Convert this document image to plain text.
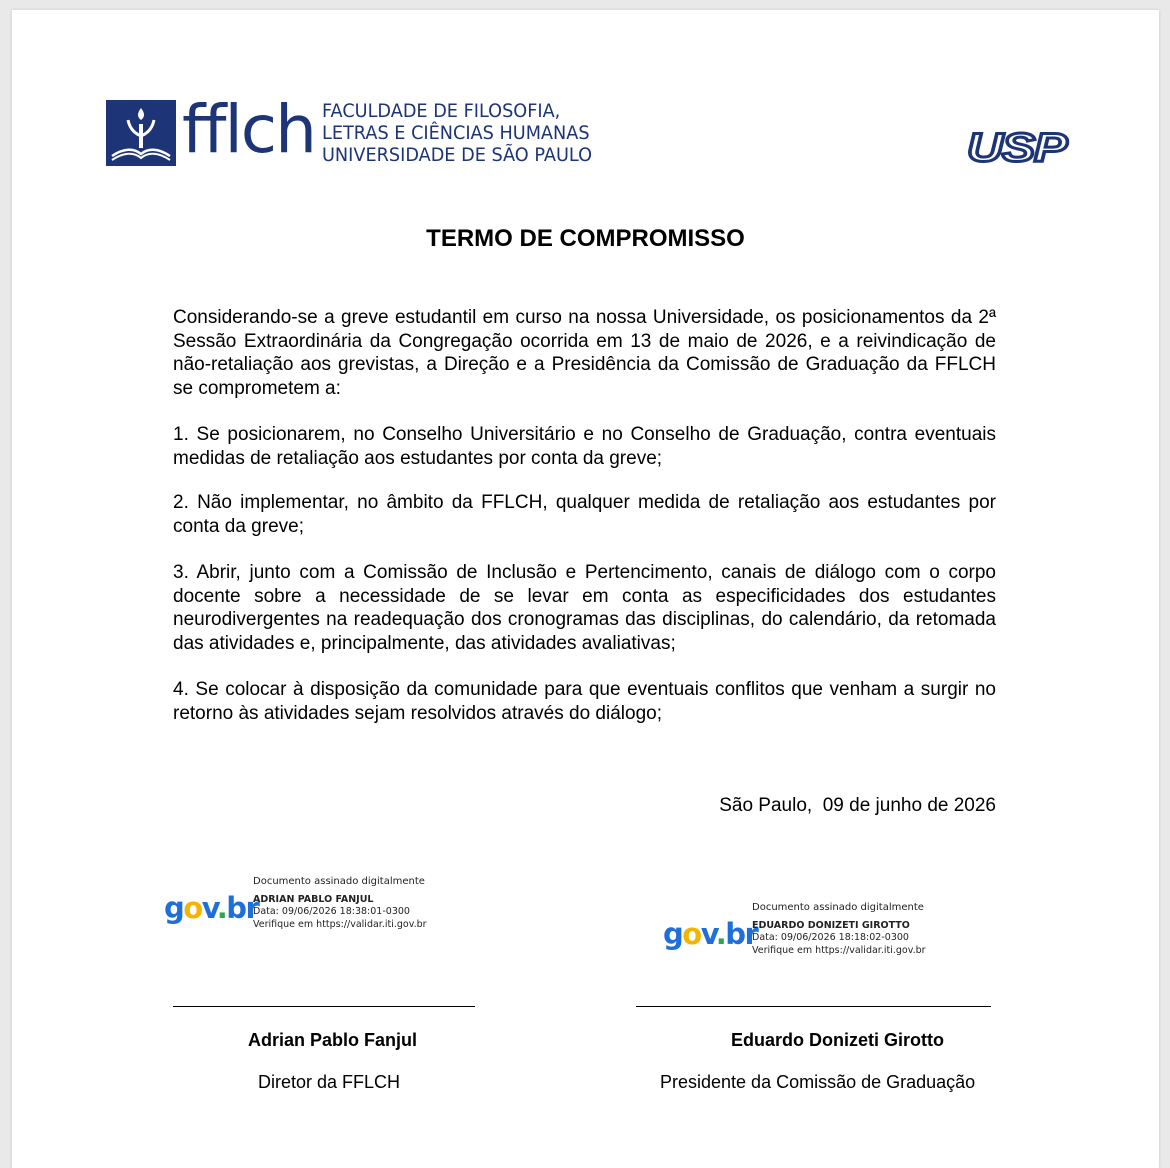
fflch FACULDADE DE FILOSOFIA,
LETRAS E CIÊNCIAS HUMANAS
UNIVERSIDADE DE SÃO PAULO	USP
TERMO DE COMPROMISSO
Considerando-se a greve estudantil em curso na nossa Universidade, os posicionamentos da 2ª Sessão Extraordinária da Congregação ocorrida em 13 de maio de 2026, e a reivindicação de não-retaliação aos grevistas, a Direção e a Presidência da Comissão de Graduação da FFLCH se comprometem a:
1. Se posicionarem, no Conselho Universitário e no Conselho de Graduação, contra eventuais medidas de retaliação aos estudantes por conta da greve;
2. Não implementar, no âmbito da FFLCH, qualquer medida de retaliação aos estudantes por conta da greve;
3. Abrir, junto com a Comissão de Inclusão e Pertencimento, canais de diálogo com o corpo docente sobre a necessidade de se levar em conta as especificidades dos estudantes neurodivergentes na readequação dos cronogramas das disciplinas, do calendário, da retomada das atividades e, principalmente, das atividades avaliativas;
4. Se colocar à disposição da comunidade para que eventuais conflitos que venham a surgir no retorno às atividades sejam resolvidos através do diálogo;
São Paulo,  09 de junho de 2026
gov.br
Documento assinado digitalmente
ADRIAN PABLO FANJUL
Data: 09/06/2026 18:38:01-0300
Verifique em https://validar.iti.gov.br	gov.br
Documento assinado digitalmente
EDUARDO DONIZETI GIROTTO
Data: 09/06/2026 18:18:02-0300
Verifique em https://validar.iti.gov.br
Adrian Pablo Fanjul
Diretor da FFLCH
Eduardo Donizeti Girotto
Presidente da Comissão de Graduação
